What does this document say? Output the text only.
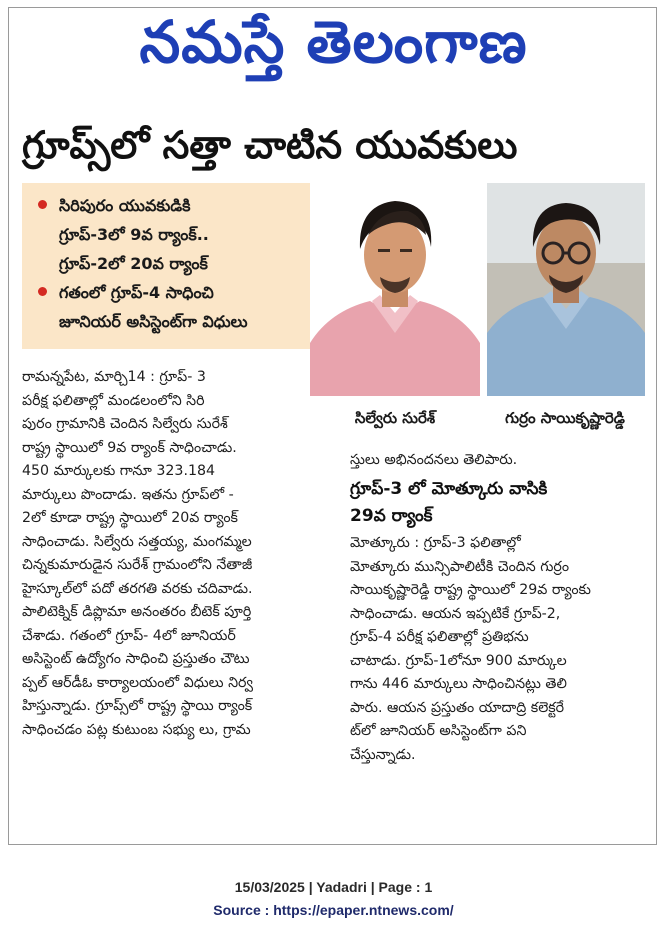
నమస్తే తెలంగాణ
గ్రూప్స్‌లో సత్తా చాటిన యువకులు
సిరిపురం యువకుడికి
గ్రూప్-3లో 9వ ర్యాంక్..
గ్రూప్-2లో 20వ ర్యాంక్
గతంలో గ్రూప్-4 సాధించి
జూనియర్ అసిస్టెంట్‌గా విధులు
సిల్వేరు సురేశ్	గుర్రం సాయికృష్ణారెడ్డి
రామన్నపేట, మార్చి14 : గ్రూప్- 3
పరీక్ష ఫలితాల్లో మండలంలోని సిరి
పురం గ్రామానికి చెందిన సిల్వేరు సురేశ్
రాష్ట్ర స్థాయిలో 9వ ర్యాంక్ సాధించాడు.
450 మార్కులకు గానూ 323.184
మార్కులు పొందాడు. ఇతను గ్రూప్‌లో -
2లో కూడా రాష్ట్ర స్థాయిలో 20వ ర్యాంక్
సాధించాడు. సిల్వేరు సత్తయ్య, మంగమ్మల
చిన్నకుమారుడైన సురేశ్ గ్రామంలోని నేతాజీ
హైస్కూల్‌లో పదో తరగతి వరకు చదివాడు.
పాలిటెక్నిక్ డిప్లొమా అనంతరం బీటెక్ పూర్తి
చేశాడు. గతంలో గ్రూప్- 4లో జూనియర్
అసిస్టెంట్ ఉద్యోగం సాధించి ప్రస్తుతం చౌటు
ప్పల్ ఆర్‌డీఓ కార్యాలయంలో విధులు నిర్వ
హిస్తున్నాడు. గ్రూప్స్‌లో రాష్ట్ర స్థాయి ర్యాంక్
సాధించడం పట్ల కుటుంబ సభ్యు లు, గ్రామ
స్తులు అభినందనలు తెలిపారు.
గ్రూప్-3 లో మోత్కూరు వాసికి
29వ ర్యాంక్
మోత్కూరు : గ్రూప్-3 ఫలితాల్లో
మోత్కూరు మున్సిపాలిటీకి చెందిన గుర్రం
సాయికృష్ణారెడ్డి రాష్ట్ర స్థాయిలో 29వ ర్యాంకు
సాధించాడు. ఆయన ఇప్పటికే గ్రూప్-2,
గ్రూప్-4 పరీక్ష ఫలితాల్లో ప్రతిభను
చాటాడు. గ్రూప్-1లోనూ 900 మార్కుల
గాను 446 మార్కులు సాధించినట్లు తెలి
పారు. ఆయన ప్రస్తుతం యాదాద్రి కలెక్టరే
ట్‌లో జూనియర్ అసిస్టెంట్‌గా పని
చేస్తున్నాడు.
15/03/2025 | Yadadri | Page : 1
Source : https://epaper.ntnews.com/
